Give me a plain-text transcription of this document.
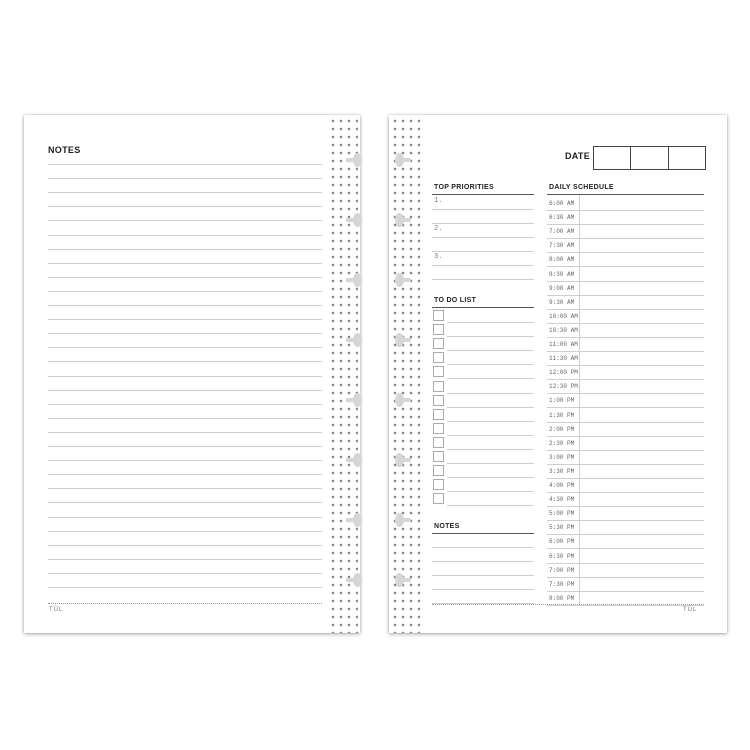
NOTES
TŪL
DATE
TOP PRIORITIES
1.
2.
3.
TO DO LIST
NOTES
DAILY SCHEDULE
6:00 AM
6:30 AM
7:00 AM
7:30 AM
8:00 AM
8:30 AM
9:00 AM
9:30 AM
10:00 AM
10:30 AM
11:00 AM
11:30 AM
12:00 PM
12:30 PM
1:00 PM
1:30 PM
2:00 PM
2:30 PM
3:00 PM
3:30 PM
4:00 PM
4:30 PM
5:00 PM
5:30 PM
6:00 PM
6:30 PM
7:00 PM
7:30 PM
8:00 PM
TŪL
